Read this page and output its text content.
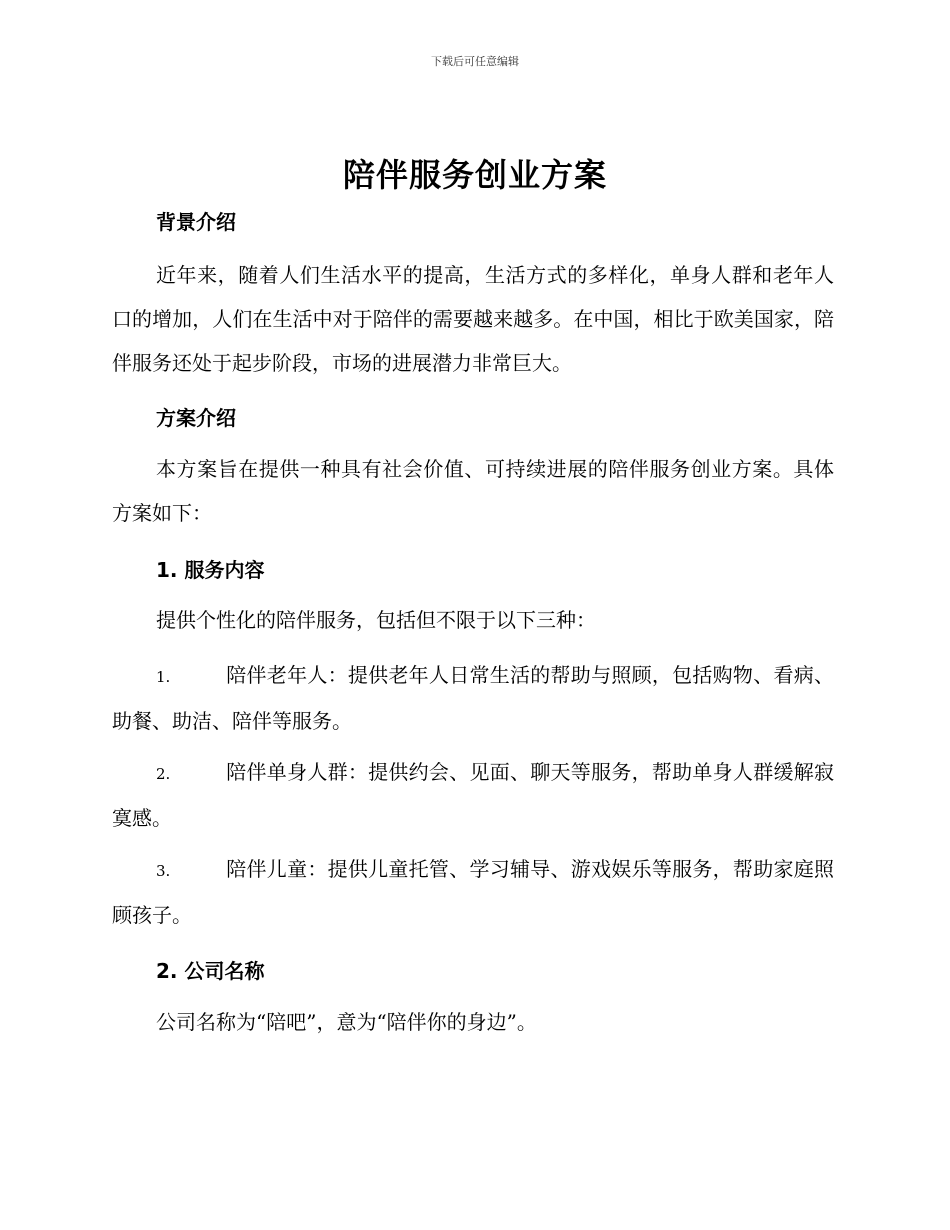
下载后可任意编辑
陪伴服务创业方案
背景介绍
近年来，随着人们生活水平的提高，生活方式的多样化，单身人群和老年人口的增加，人们在生活中对于陪伴的需要越来越多。在中国，相比于欧美国家，陪伴服务还处于起步阶段，市场的进展潜力非常巨大。
方案介绍
本方案旨在提供一种具有社会价值、可持续进展的陪伴服务创业方案。具体方案如下：
1. 服务内容
提供个性化的陪伴服务，包括但不限于以下三种：
1.	陪伴老年人：提供老年人日常生活的帮助与照顾，包括购物、看病、助餐、助洁、陪伴等服务。
2.	陪伴单身人群：提供约会、见面、聊天等服务，帮助单身人群缓解寂寞感。
3.	陪伴儿童：提供儿童托管、学习辅导、游戏娱乐等服务，帮助家庭照顾孩子。
2. 公司名称
公司名称为“陪吧”，意为“陪伴你的身边”。
